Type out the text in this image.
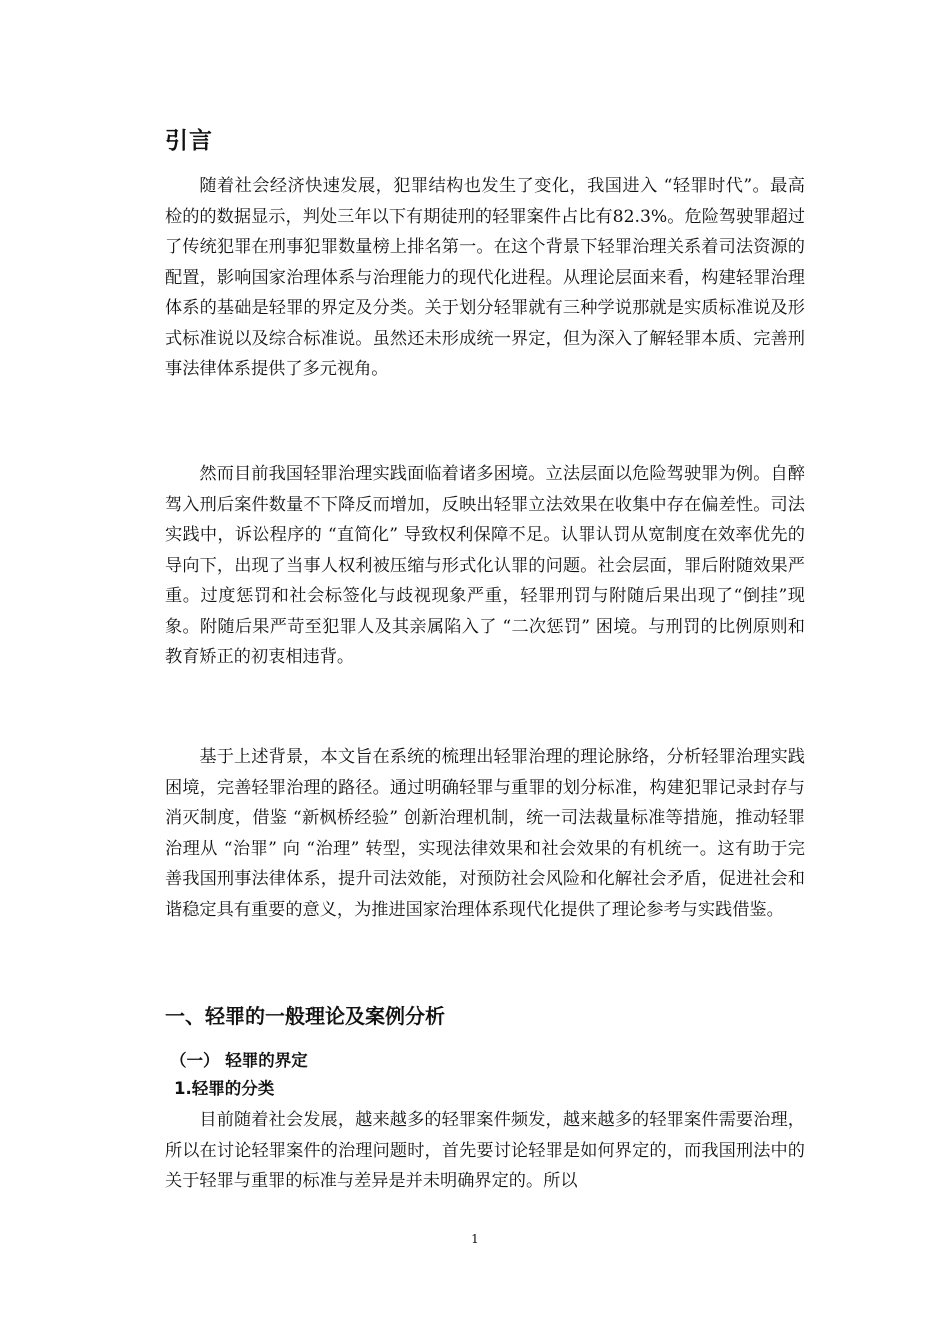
引言

随着社会经济快速发展，犯罪结构也发生了变化，我国进入 “轻罪时代”。最高检的的数据显示，判处三年以下有期徒刑的轻罪案件占比有82.3%。危险驾驶罪超过了传统犯罪在刑事犯罪数量榜上排名第一。在这个背景下轻罪治理关系着司法资源的配置，影响国家治理体系与治理能力的现代化进程。从理论层面来看，构建轻罪治理体系的基础是轻罪的界定及分类。关于划分轻罪就有三种学说那就是实质标准说及形式标准说以及综合标准说。虽然还未形成统一界定，但为深入了解轻罪本质、完善刑事法律体系提供了多元视角。

然而目前我国轻罪治理实践面临着诸多困境。立法层面以危险驾驶罪为例。自醉驾入刑后案件数量不下降反而增加，反映出轻罪立法效果在收集中存在偏差性。司法实践中，诉讼程序的 “直简化” 导致权利保障不足。认罪认罚从宽制度在效率优先的导向下，出现了当事人权利被压缩与形式化认罪的问题。社会层面，罪后附随效果严重。过度惩罚和社会标签化与歧视现象严重，轻罪刑罚与附随后果出现了“倒挂”现象。附随后果严苛至犯罪人及其亲属陷入了 “二次惩罚” 困境。与刑罚的比例原则和教育矫正的初衷相违背。

基于上述背景，本文旨在系统的梳理出轻罪治理的理论脉络，分析轻罪治理实践困境，完善轻罪治理的路径。通过明确轻罪与重罪的划分标准，构建犯罪记录封存与消灭制度，借鉴 “新枫桥经验” 创新治理机制，统一司法裁量标准等措施，推动轻罪治理从 “治罪” 向 “治理” 转型，实现法律效果和社会效果的有机统一。这有助于完善我国刑事法律体系，提升司法效能，对预防社会风险和化解社会矛盾，促进社会和谐稳定具有重要的意义，为推进国家治理体系现代化提供了理论参考与实践借鉴。

一、轻罪的一般理论及案例分析
（一） 轻罪的界定
1.轻罪的分类

目前随着社会发展，越来越多的轻罪案件频发，越来越多的轻罪案件需要治理，所以在讨论轻罪案件的治理问题时，首先要讨论轻罪是如何界定的，而我国刑法中的关于轻罪与重罪的标准与差异是并未明确界定的。所以

1
